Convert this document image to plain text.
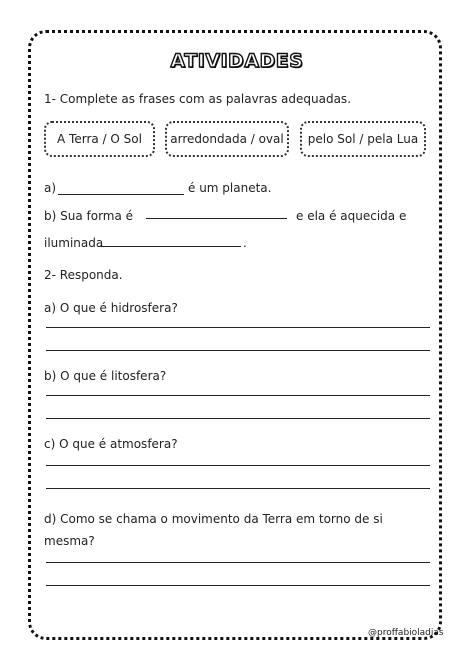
ATIVIDADES
1- Complete as frases com as palavras adequadas.
A Terra / O Sol arredondada / oval pelo Sol / pela Lua
a)	é um planeta.
b) Sua forma é	e ela é aquecida e
iluminada	.
2- Responda.
a) O que é hidrosfera?
b) O que é litosfera?
c) O que é atmosfera?
d) Como se chama o movimento da Terra em torno de si
mesma?
@proffabioladias
